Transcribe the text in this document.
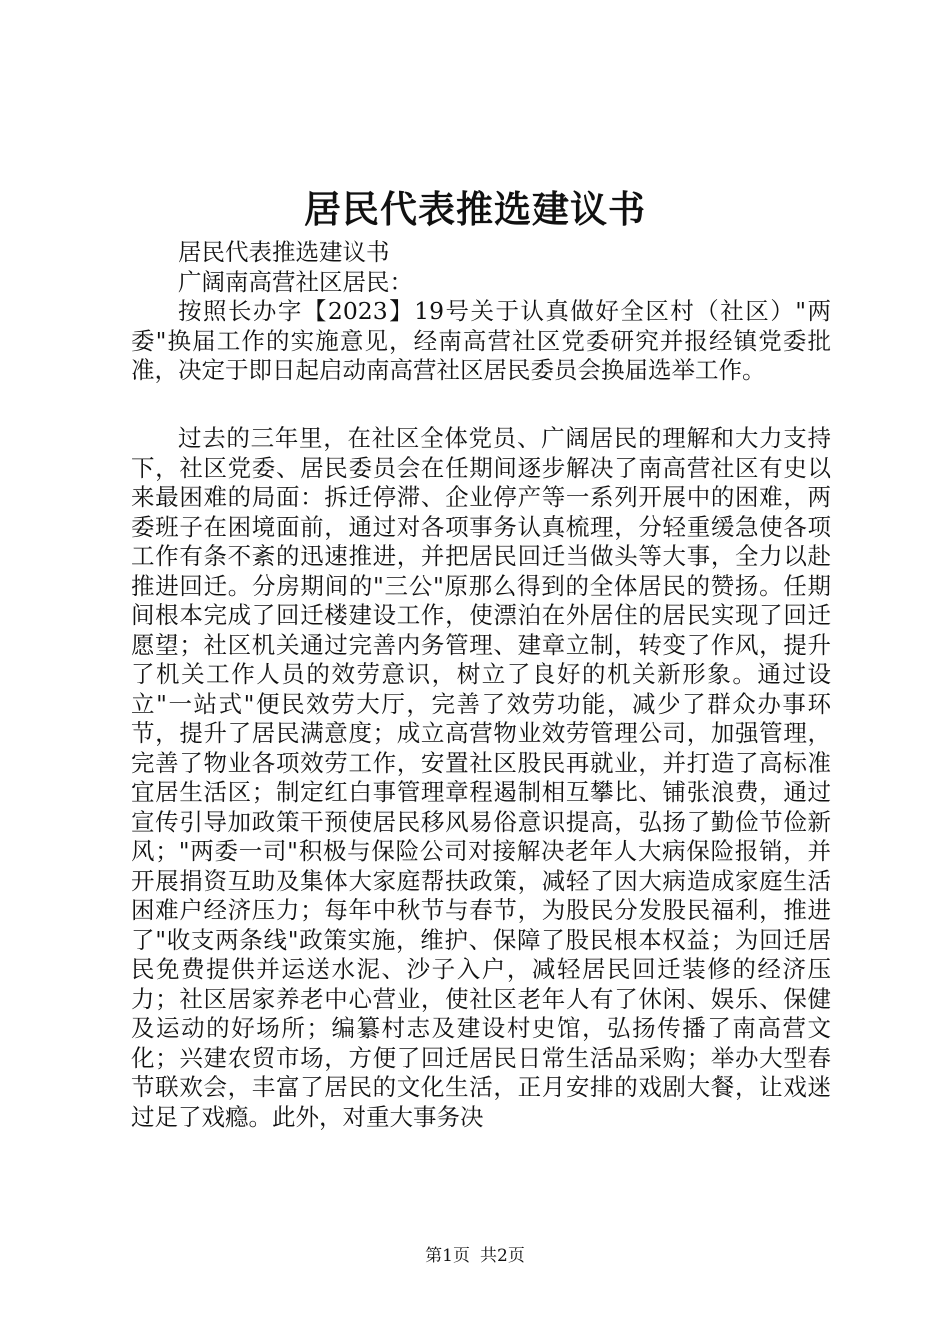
居民代表推选建议书

居民代表推选建议书

广阔南高营社区居民：

按照长办字【2023】19号关于认真做好全区村（社区）"两委"换届工作的实施意见，经南高营社区党委研究并报经镇党委批准，决定于即日起启动南高营社区居民委员会换届选举工作。

过去的三年里，在社区全体党员、广阔居民的理解和大力支持下，社区党委、居民委员会在任期间逐步解决了南高营社区有史以来最困难的局面：拆迁停滞、企业停产等一系列开展中的困难，两委班子在困境面前，通过对各项事务认真梳理，分轻重缓急使各项工作有条不紊的迅速推进，并把居民回迁当做头等大事，全力以赴推进回迁。分房期间的"三公"原那么得到的全体居民的赞扬。任期间根本完成了回迁楼建设工作，使漂泊在外居住的居民实现了回迁愿望；社区机关通过完善内务管理、建章立制，转变了作风，提升了机关工作人员的效劳意识，树立了良好的机关新形象。通过设立"一站式"便民效劳大厅，完善了效劳功能，减少了群众办事环节，提升了居民满意度；成立高营物业效劳管理公司，加强管理，完善了物业各项效劳工作，安置社区股民再就业，并打造了高标准宜居生活区；制定红白事管理章程遏制相互攀比、铺张浪费，通过宣传引导加政策干预使居民移风易俗意识提高，弘扬了勤俭节俭新风；"两委一司"积极与保险公司对接解决老年人大病保险报销，并开展捐资互助及集体大家庭帮扶政策，减轻了因大病造成家庭生活困难户经济压力；每年中秋节与春节，为股民分发股民福利，推进了"收支两条线"政策实施，维护、保障了股民根本权益；为回迁居民免费提供并运送水泥、沙子入户，减轻居民回迁装修的经济压力；社区居家养老中心营业，使社区老年人有了休闲、娱乐、保健及运动的好场所；编纂村志及建设村史馆，弘扬传播了南高营文化；兴建农贸市场，方便了回迁居民日常生活品采购；举办大型春节联欢会，丰富了居民的文化生活，正月安排的戏剧大餐，让戏迷过足了戏瘾。此外，对重大事务决

第1页 共2页
